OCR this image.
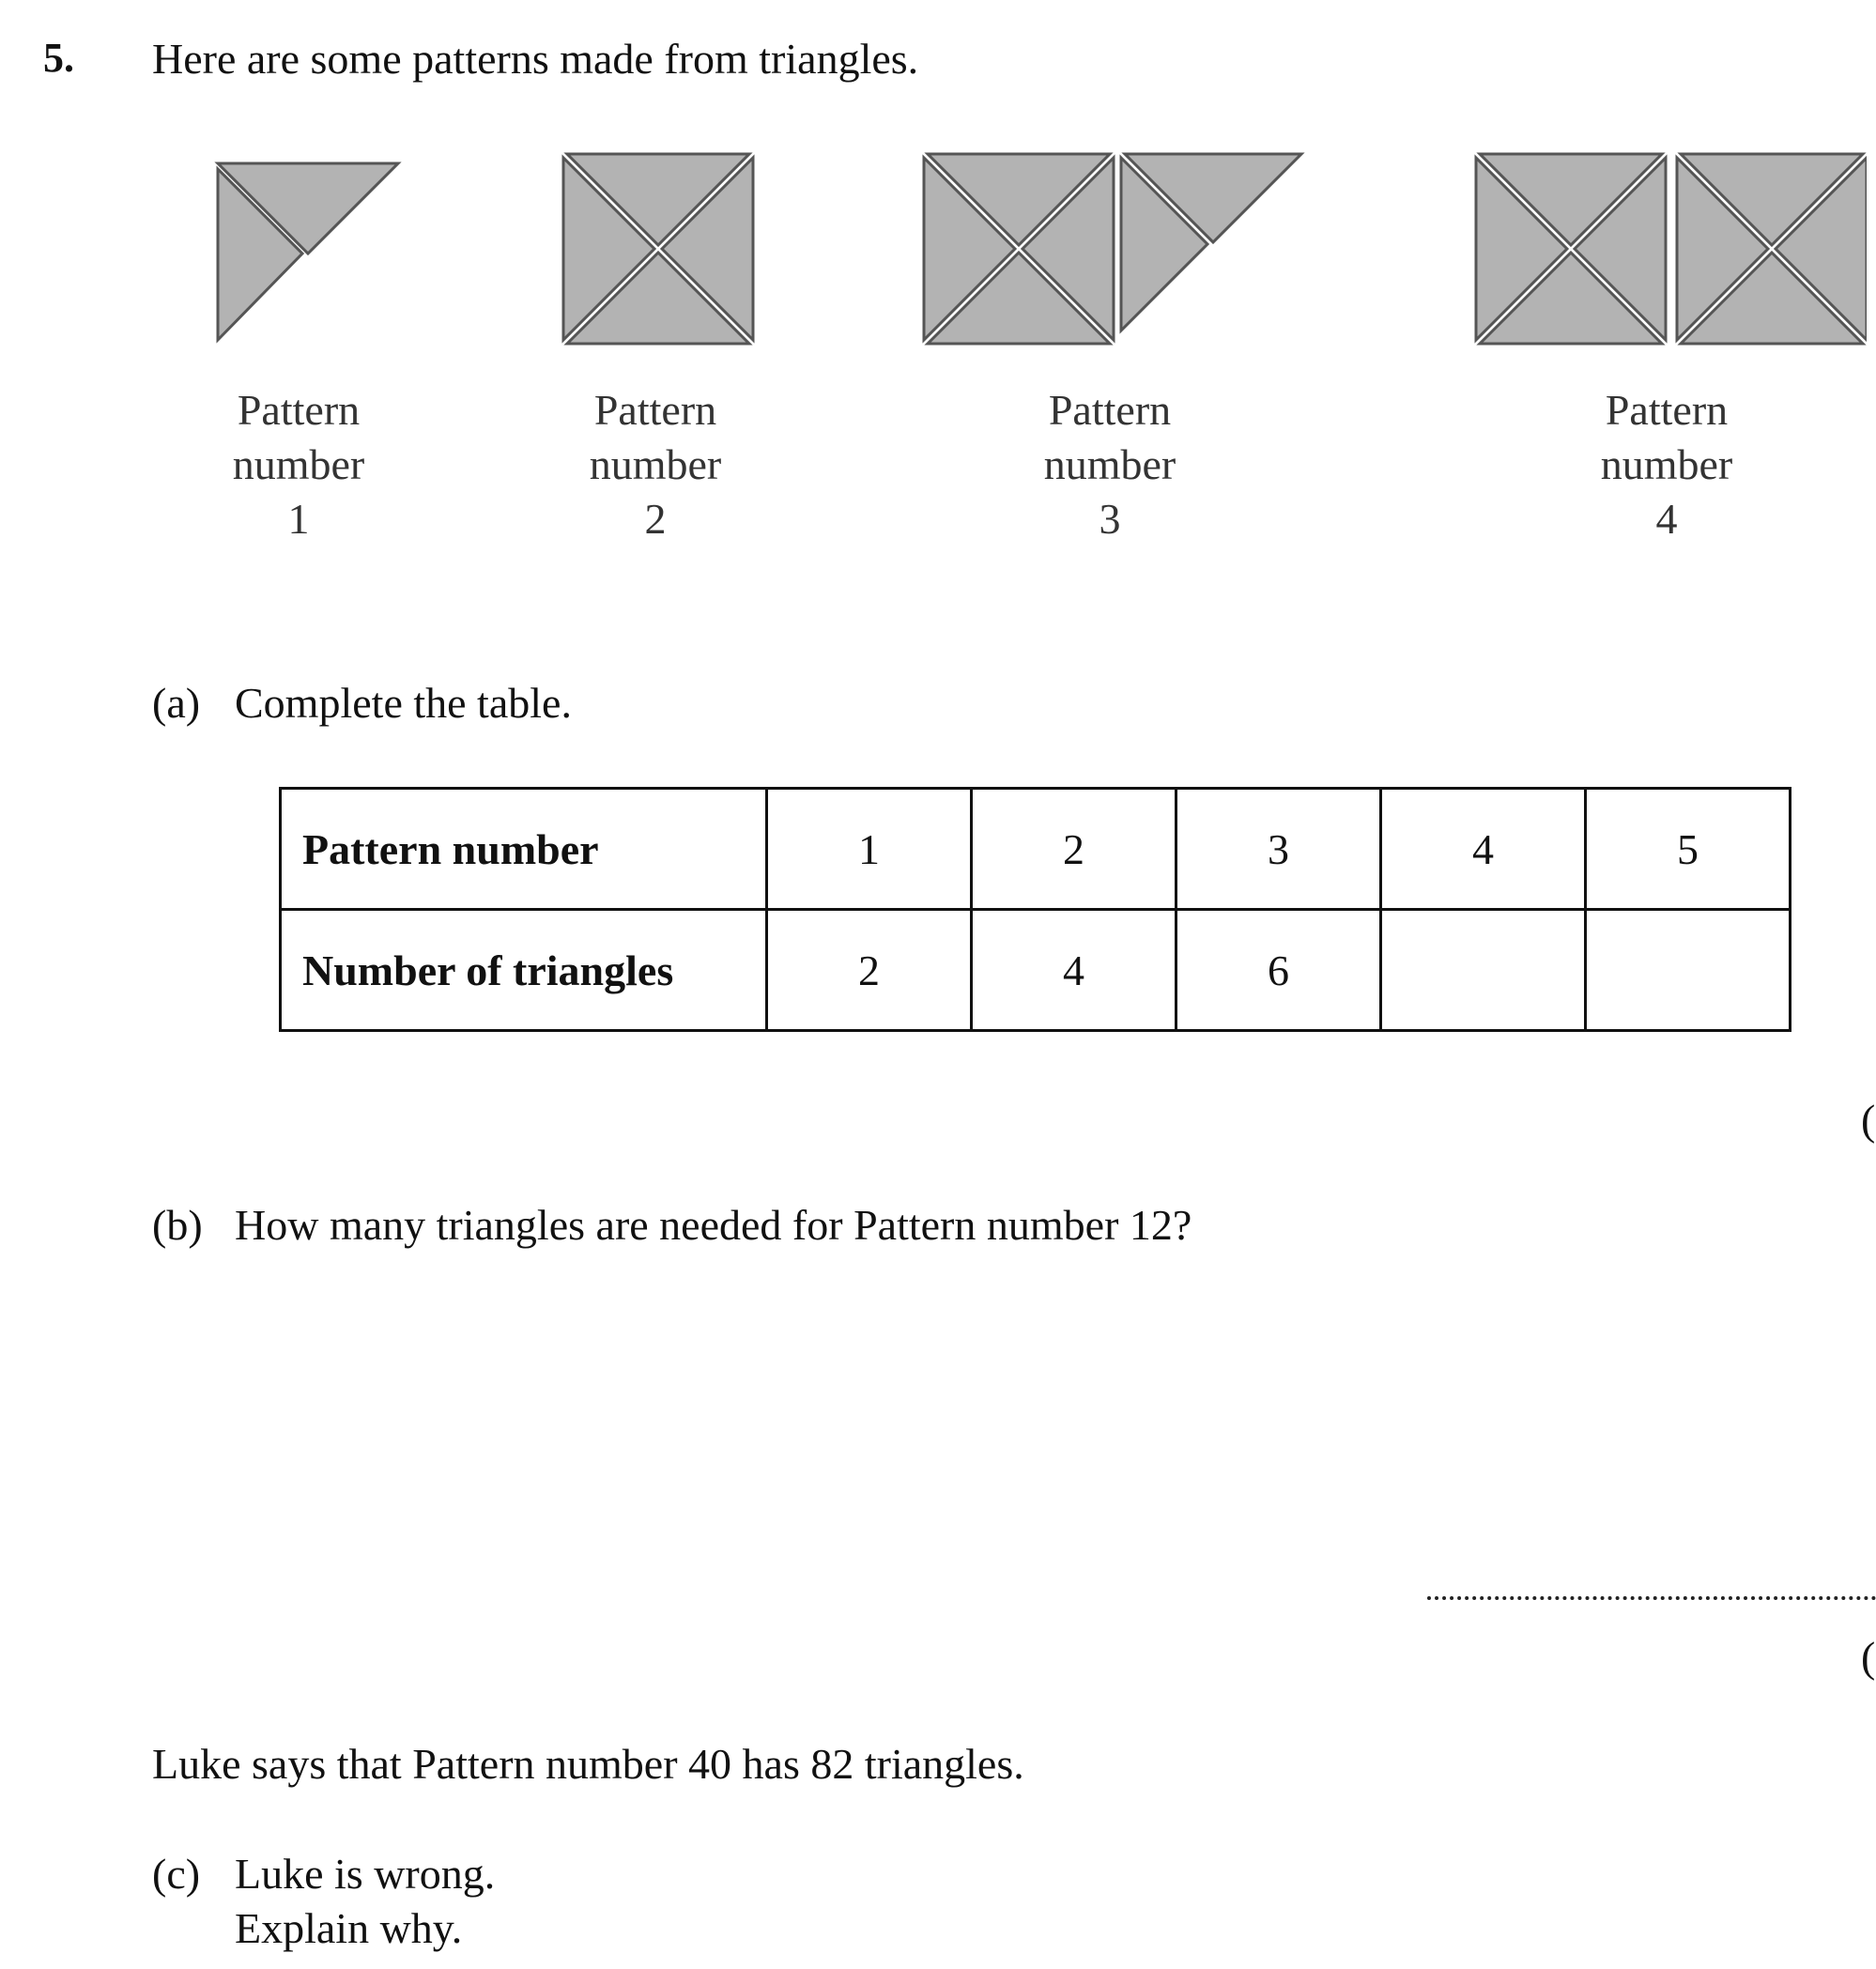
5. Here are some patterns made from triangles.
Pattern
number
1
Pattern
number
2
Pattern
number
3
Pattern
number
4
(a) Complete the table.
Pattern number	1	2	3	4	5
Number of triangles	2	4	6		
(
(b) How many triangles are needed for Pattern number 12?
(
Luke says that Pattern number 40 has 82 triangles.
(c) Luke is wrong.
Explain why.
